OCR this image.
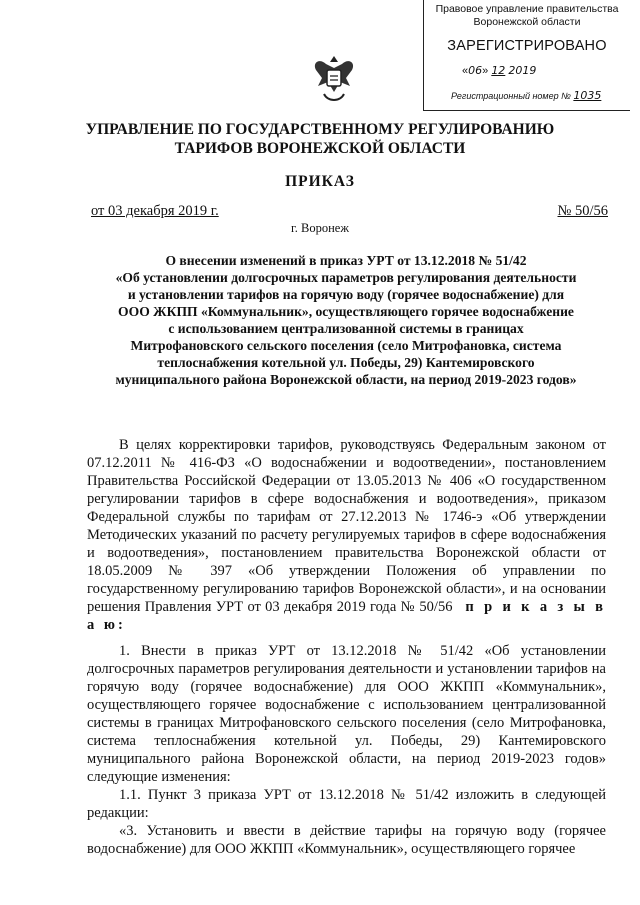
Правовое управление правительства
Воронежской области
ЗАРЕГИСТРИРОВАНО
«06» 12 2019
Регистрационный номер № 1035
УПРАВЛЕНИЕ ПО ГОСУДАРСТВЕННОМУ РЕГУЛИРОВАНИЮ
ТАРИФОВ ВОРОНЕЖСКОЙ ОБЛАСТИ
ПРИКАЗ
от 03 декабря 2019 г.	№ 50/56
г. Воронеж
О внесении изменений в приказ УРТ от 13.12.2018 № 51/42
«Об установлении долгосрочных параметров регулирования деятельности
и установлении тарифов на горячую воду (горячее водоснабжение) для
ООО ЖКПП «Коммунальник», осуществляющего горячее водоснабжение
с использованием централизованной системы в границах
Митрофановского сельского поселения (село Митрофановка, система
теплоснабжения котельной ул. Победы, 29) Кантемировского
муниципального района Воронежской области, на период 2019-2023 годов»

В целях корректировки тарифов, руководствуясь Федеральным законом от 07.12.2011 № 416-ФЗ «О водоснабжении и водоотведении», постановлением Правительства Российской Федерации от 13.05.2013 № 406 «О государственном регулировании тарифов в сфере водоснабжения и водоотведения», приказом Федеральной службы по тарифам от 27.12.2013 № 1746-э «Об утверждении Методических указаний по расчету регулируемых тарифов в сфере водоснабжения и водоотведения», постановлением правительства Воронежской области от 18.05.2009 № 397 «Об утверждении Положения об управлении по государственному регулированию тарифов Воронежской области», и на основании решения Правления УРТ от 03 декабря 2019 года № 50/56 п р и к а з ы в а ю:

1. Внести в приказ УРТ от 13.12.2018 № 51/42 «Об установлении долгосрочных параметров регулирования деятельности и установлении тарифов на горячую воду (горячее водоснабжение) для ООО ЖКПП «Коммунальник», осуществляющего горячее водоснабжение с использованием централизованной системы в границах Митрофановского сельского поселения (село Митрофановка, система теплоснабжения котельной ул. Победы, 29) Кантемировского муниципального района Воронежской области, на период 2019-2023 годов» следующие изменения:

1.1. Пункт 3 приказа УРТ от 13.12.2018 № 51/42 изложить в следующей редакции:

«3. Установить и ввести в действие тарифы на горячую воду (горячее водоснабжение) для ООО ЖКПП «Коммунальник», осуществляющего горячее
